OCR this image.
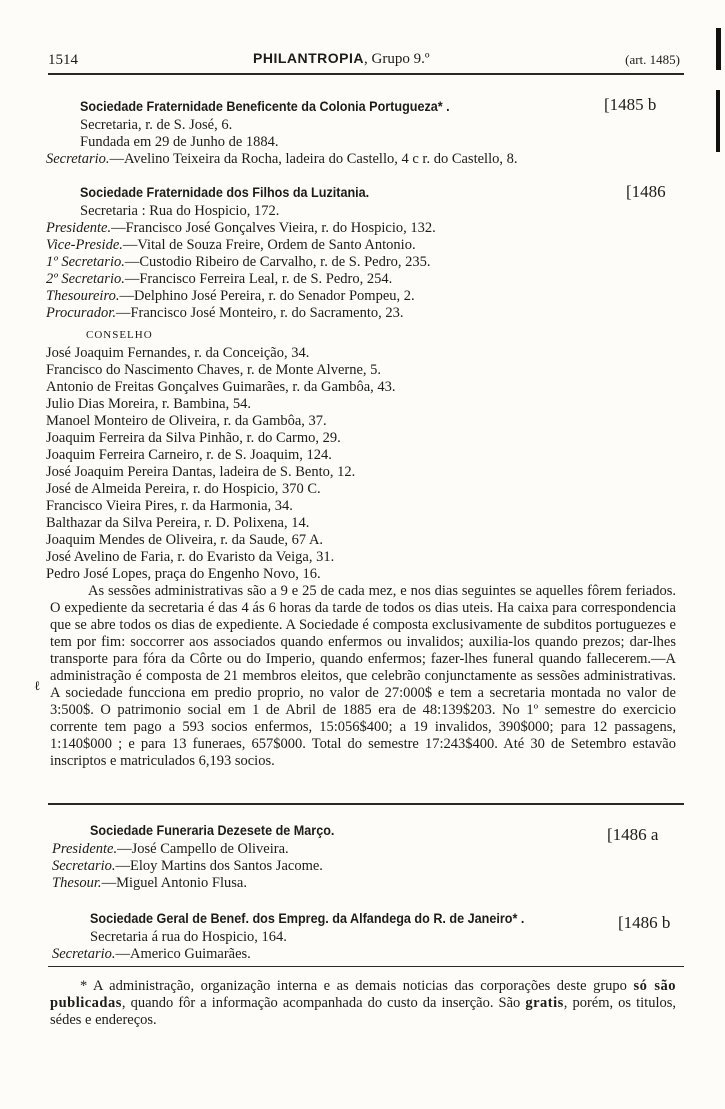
1514	PHILANTROPIA, Grupo 9.º	(art. 1485)
Sociedade Fraternidade Beneficente da Colonia Portugueza* .	[1485 b
Secretaria, r. de S. José, 6.
Fundada em 29 de Junho de 1884.
Secretario.—Avelino Teixeira da Rocha, ladeira do Castello, 4 c r. do Castello, 8.
Sociedade Fraternidade dos Filhos da Luzitania.	[1486
Secretaria : Rua do Hospicio, 172.
Presidente.—Francisco José Gonçalves Vieira, r. do Hospicio, 132.
Vice-Preside.—Vital de Souza Freire, Ordem de Santo Antonio.
1º Secretario.—Custodio Ribeiro de Carvalho, r. de S. Pedro, 235.
2º Secretario.—Francisco Ferreira Leal, r. de S. Pedro, 254.
Thesoureiro.—Delphino José Pereira, r. do Senador Pompeu, 2.
Procurador.—Francisco José Monteiro, r. do Sacramento, 23.
CONSELHO
José Joaquim Fernandes, r. da Conceição, 34.
Francisco do Nascimento Chaves, r. de Monte Alverne, 5.
Antonio de Freitas Gonçalves Guimarães, r. da Gambôa, 43.
Julio Dias Moreira, r. Bambina, 54.
Manoel Monteiro de Oliveira, r. da Gambôa, 37.
Joaquim Ferreira da Silva Pinhão, r. do Carmo, 29.
Joaquim Ferreira Carneiro, r. de S. Joaquim, 124.
José Joaquim Pereira Dantas, ladeira de S. Bento, 12.
José de Almeida Pereira, r. do Hospicio, 370 C.
Francisco Vieira Pires, r. da Harmonia, 34.
Balthazar da Silva Pereira, r. D. Polixena, 14.
Joaquim Mendes de Oliveira, r. da Saude, 67 A.
José Avelino de Faria, r. do Evaristo da Veiga, 31.
Pedro José Lopes, praça do Engenho Novo, 16.
As sessões administrativas são a 9 e 25 de cada mez, e nos dias seguintes se aquelles fôrem feriados. O expediente da secretaria é das 4 ás 6 horas da tarde de todos os dias uteis. Ha caixa para correspondencia que se abre todos os dias de expediente. A Sociedade é composta exclusivamente de subditos portuguezes e tem por fim: soccorrer aos associados quando enfermos ou invalidos; auxilia-los quando prezos; dar-lhes transporte para fóra da Côrte ou do Imperio, quando enfermos; fazer-lhes funeral quando fallecerem.—A administração é composta de 21 membros eleitos, que celebrão conjunctamente as sessões administrativas. A sociedade funcciona em predio proprio, no valor de 27:000$ e tem a secretaria montada no valor de 3:500$. O patrimonio social em 1 de Abril de 1885 era de 48:139$203. No 1º semestre do exercicio corrente tem pago a 593 socios enfermos, 15:056$400; a 19 invalidos, 390$000; para 12 passagens, 1:140$000 ; e para 13 funeraes, 657$000. Total do semestre 17:243$400. Até 30 de Setembro estavão inscriptos e matriculados 6,193 socios.
ℓ
Sociedade Funeraria Dezesete de Março.	[1486 a
Presidente.—José Campello de Oliveira.
Secretario.—Eloy Martins dos Santos Jacome.
Thesour.—Miguel Antonio Flusa.
Sociedade Geral de Benef. dos Empreg. da Alfandega do R. de Janeiro* .	[1486 b
Secretaria á rua do Hospicio, 164.
Secretario.—Americo Guimarães.
* A administração, organização interna e as demais noticias das corporações deste grupo só são publicadas, quando fôr a informação acompanhada do custo da inserção. São gratis, porém, os titulos, sédes e endereços.
